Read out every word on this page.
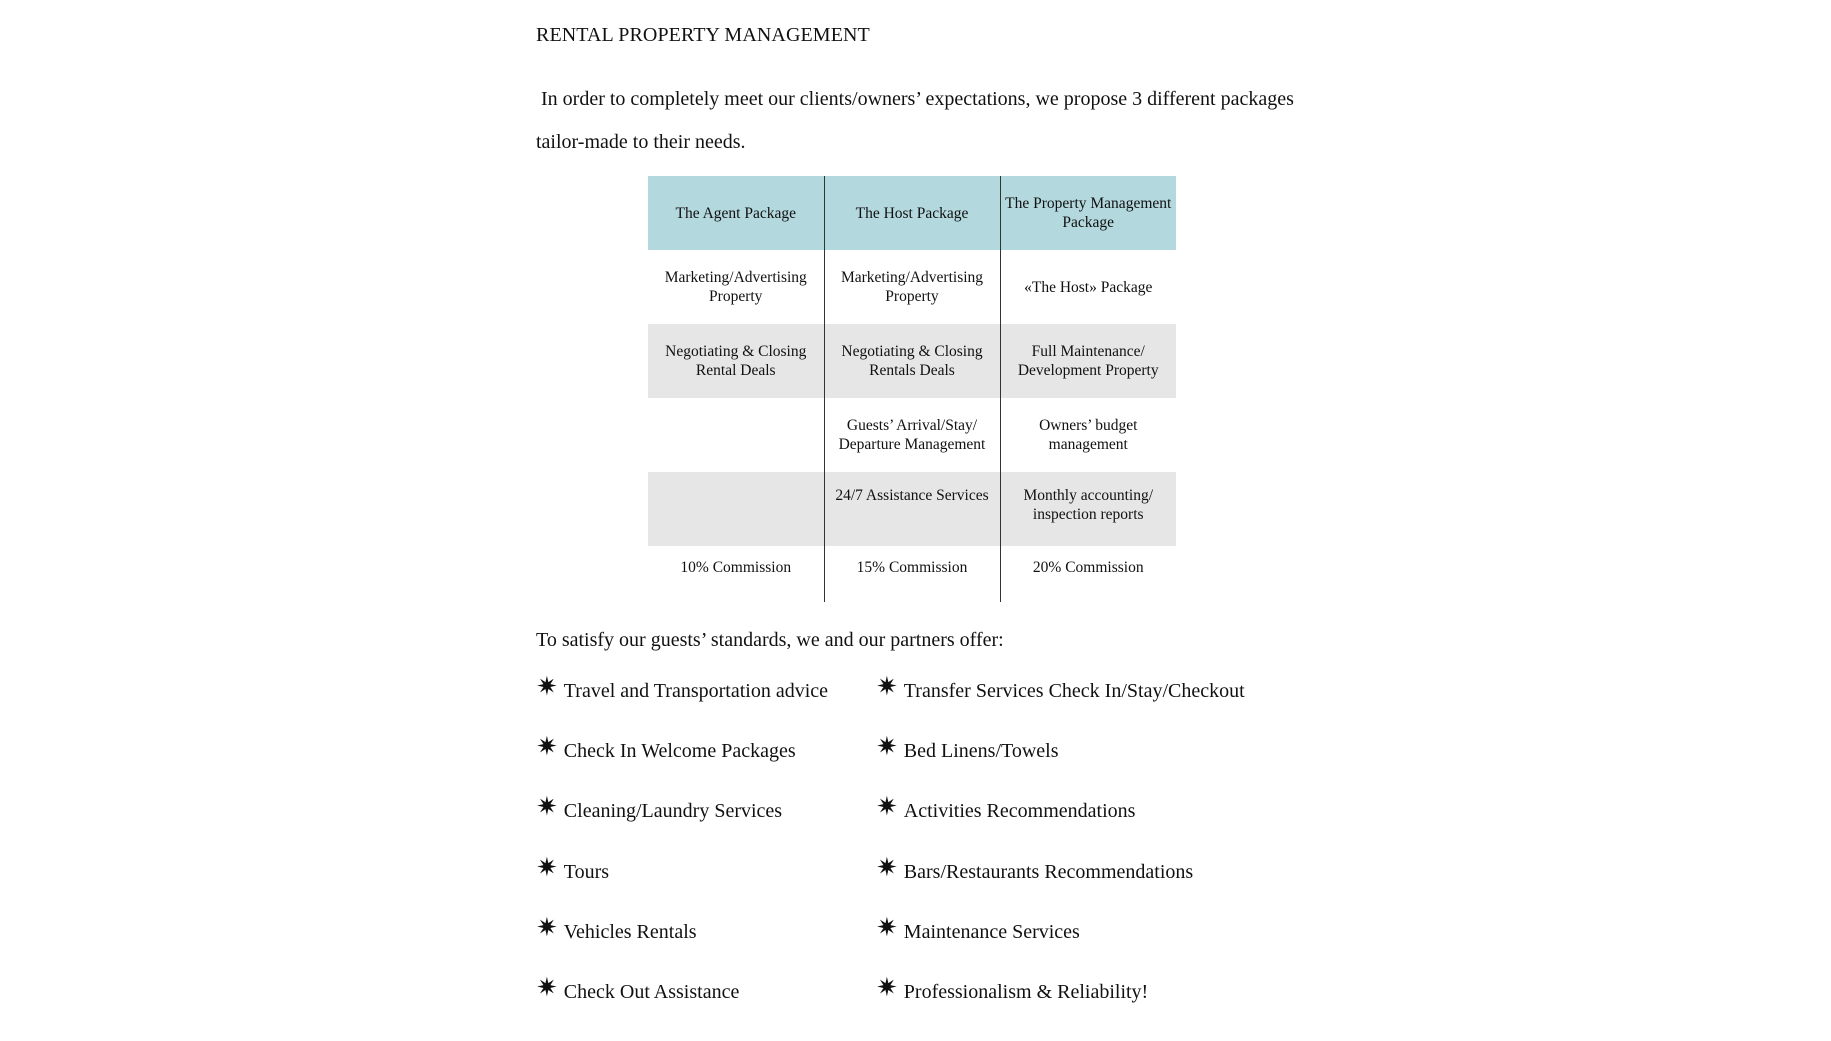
RENTAL PROPERTY MANAGEMENT
In order to completely meet our clients/owners’ expectations, we propose 3 different packages
tailor-made to their needs.
The Agent Package	The Host Package	The Property Management Package
Marketing/Advertising Property	Marketing/Advertising Property	«The Host» Package
Negotiating & Closing Rental Deals	Negotiating & Closing Rentals Deals	Full Maintenance/ Development Property
	Guests’ Arrival/Stay/ Departure Management	Owners’ budget management
	24/7 Assistance Services	Monthly accounting/ inspection reports
10% Commission	15% Commission	20% Commission
To satisfy our guests’ standards, we and our partners offer:
✷ Travel and Transportation advice ✷ Transfer Services Check In/Stay/Checkout
✷ Check In Welcome Packages	✷ Bed Linens/Towels
✷ Cleaning/Laundry Services	✷ Activities Recommendations
✷ Tours	✷ Bars/Restaurants Recommendations
✷ Vehicles Rentals	✷ Maintenance Services
✷ Check Out Assistance	✷ Professionalism & Reliability!
